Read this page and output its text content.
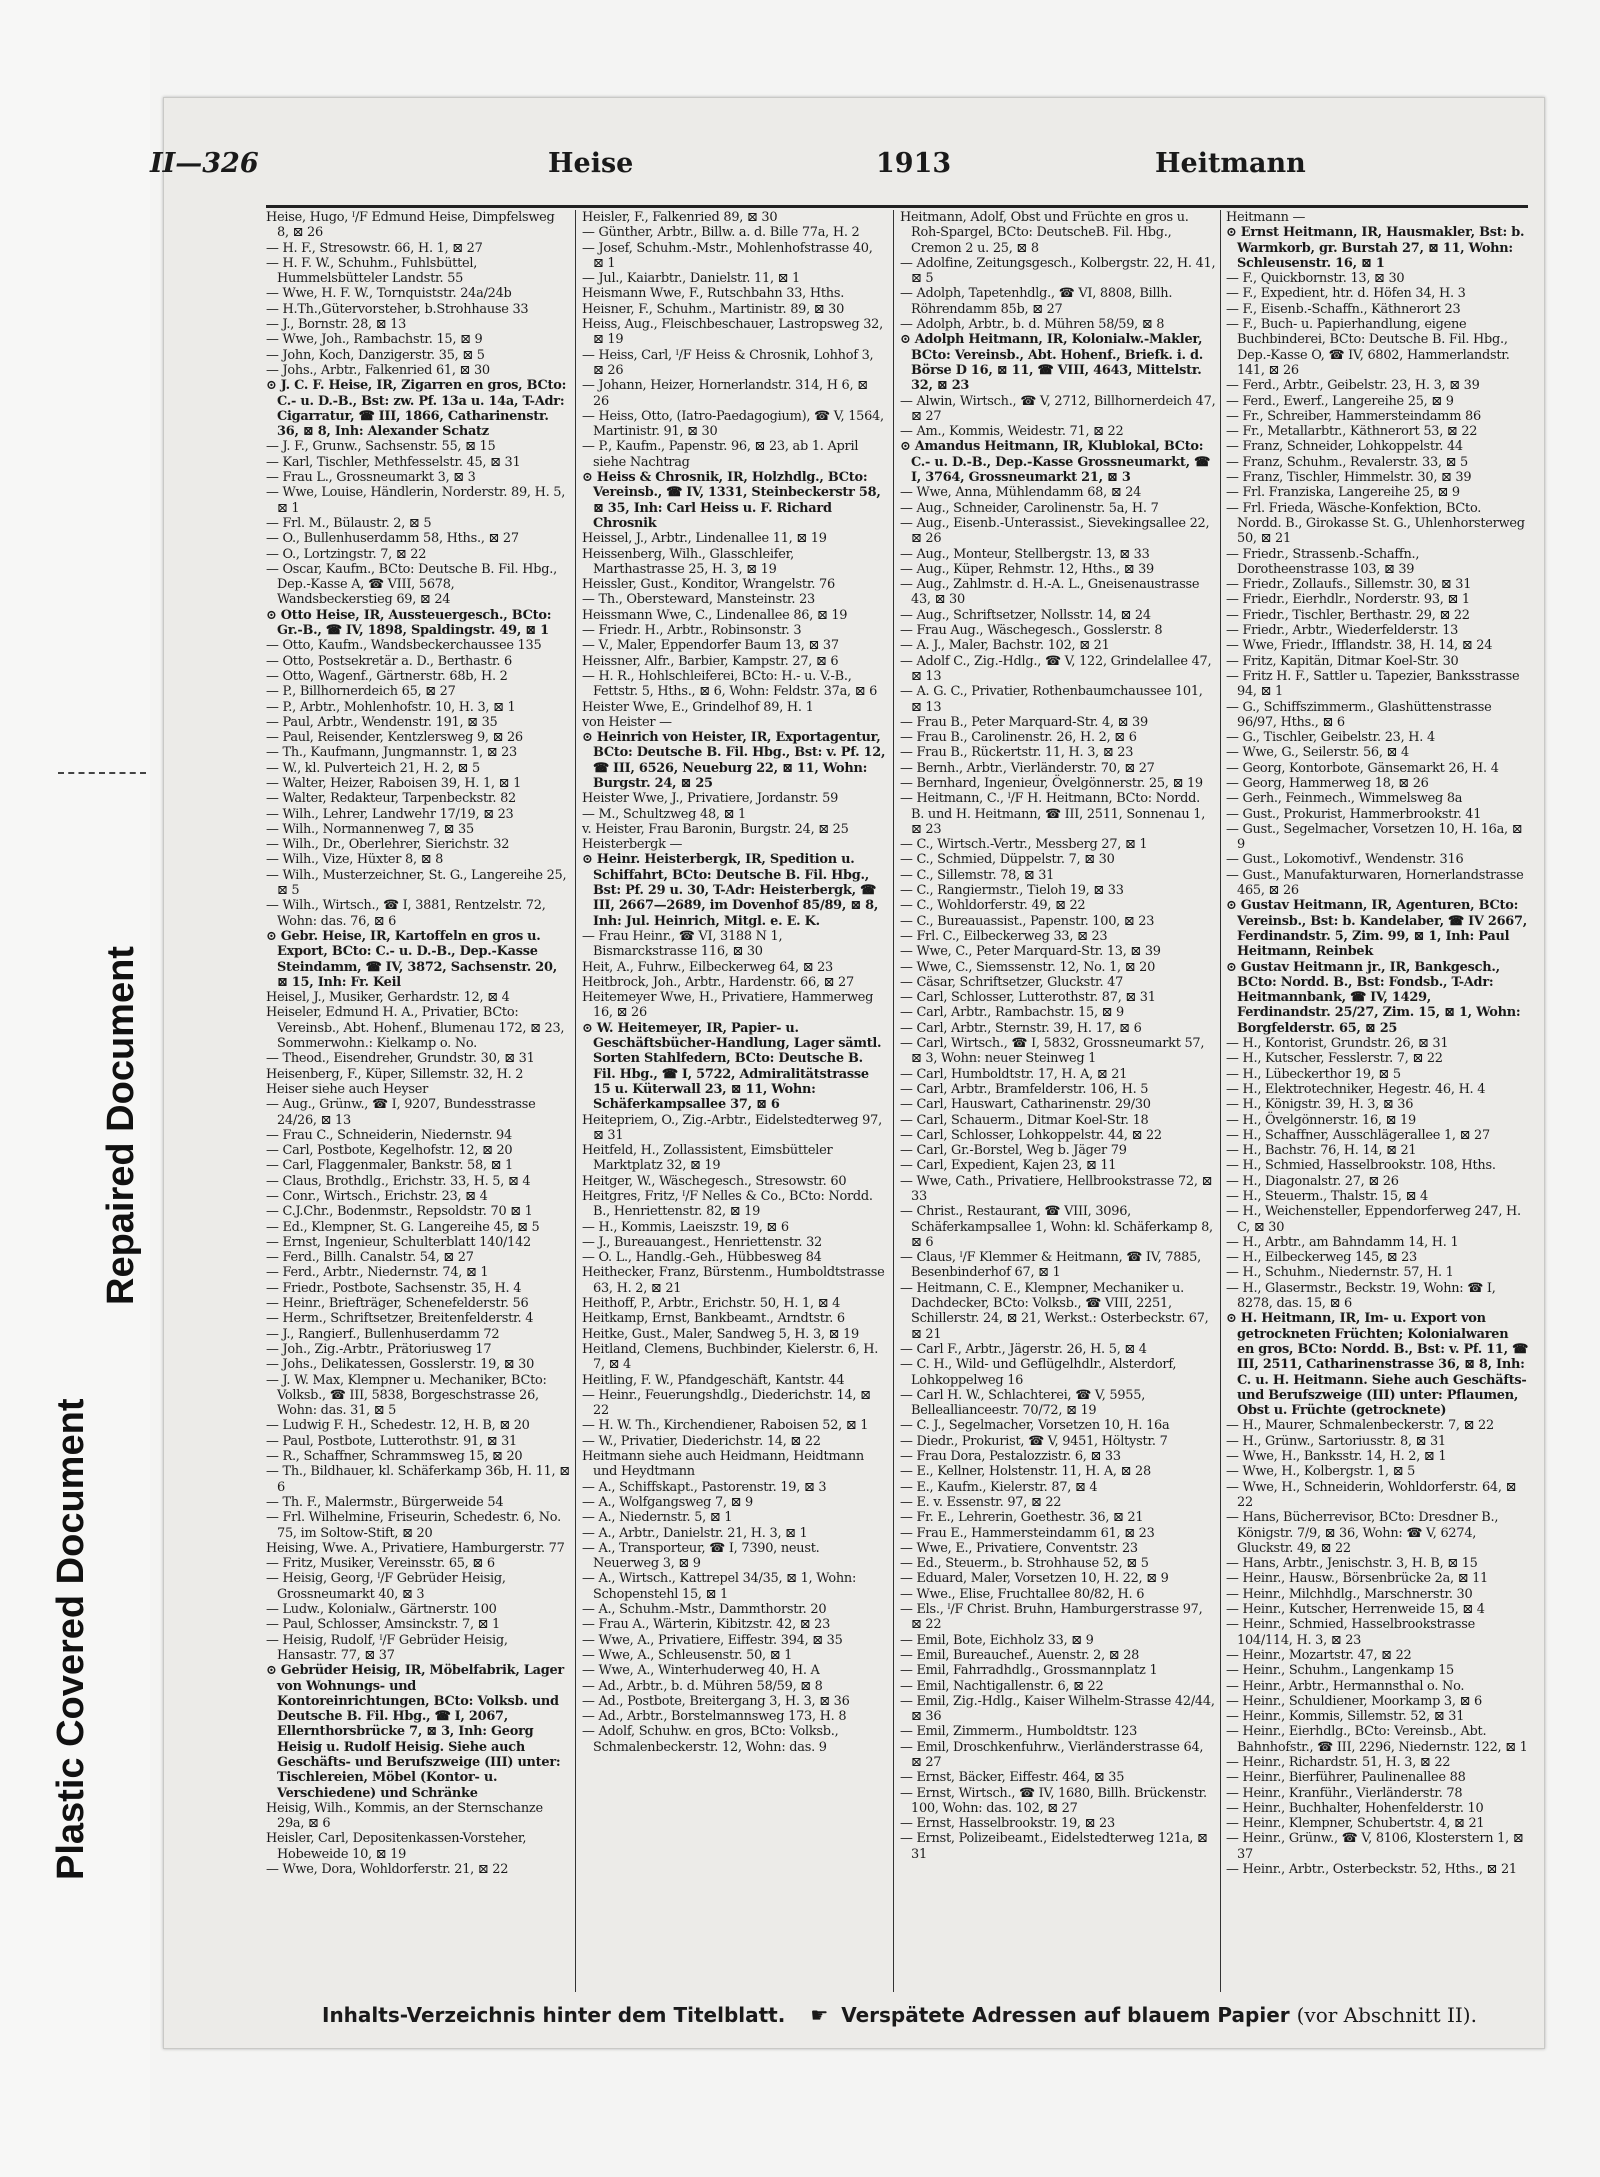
Plastic Covered Document
Repaired Document
II—326	Heise	1913	Heitmann

Heise, Hugo, ᴵ/F Edmund Heise, Dimpfelsweg 8, ⊠ 26

— H. F., Stresowstr. 66, H. 1, ⊠ 27

— H. F. W., Schuhm., Fuhlsbüttel, Hummelsbütteler Landstr. 55

— Wwe, H. F. W., Tornquiststr. 24a/24b

— H.Th.,Gütervorsteher, b.Strohhause 33

— J., Bornstr. 28, ⊠ 13

— Wwe, Joh., Rambachstr. 15, ⊠ 9

— John, Koch, Danzigerstr. 35, ⊠ 5

— Johs., Arbtr., Falkenried 61, ⊠ 30

⊙ J. C. F. Heise, IR, Zigarren en gros, BCto: C.- u. D.-B., Bst: zw. Pf. 13a u. 14a, T-Adr: Cigarratur, ☎ III, 1866, Catharinenstr. 36, ⊠ 8, Inh: Alexander Schatz

— J. F., Grunw., Sachsenstr. 55, ⊠ 15

— Karl, Tischler, Methfesselstr. 45, ⊠ 31

— Frau L., Grossneumarkt 3, ⊠ 3

— Wwe, Louise, Händlerin, Norderstr. 89, H. 5, ⊠ 1

— Frl. M., Bülaustr. 2, ⊠ 5

— O., Bullenhuserdamm 58, Hths., ⊠ 27

— O., Lortzingstr. 7, ⊠ 22

— Oscar, Kaufm., BCto: Deutsche B. Fil. Hbg., Dep.-Kasse A, ☎ VIII, 5678, Wandsbeckerstieg 69, ⊠ 24

⊙ Otto Heise, IR, Aussteuergesch., BCto: Gr.-B., ☎ IV, 1898, Spaldingstr. 49, ⊠ 1

— Otto, Kaufm., Wandsbeckerchaussee 135

— Otto, Postsekretär a. D., Berthastr. 6

— Otto, Wagenf., Gärtnerstr. 68b, H. 2

— P., Billhornerdeich 65, ⊠ 27

— P., Arbtr., Mohlenhofstr. 10, H. 3, ⊠ 1

— Paul, Arbtr., Wendenstr. 191, ⊠ 35

— Paul, Reisender, Kentzlersweg 9, ⊠ 26

— Th., Kaufmann, Jungmannstr. 1, ⊠ 23

— W., kl. Pulverteich 21, H. 2, ⊠ 5

— Walter, Heizer, Raboisen 39, H. 1, ⊠ 1

— Walter, Redakteur, Tarpenbeckstr. 82

— Wilh., Lehrer, Landwehr 17/19, ⊠ 23

— Wilh., Normannenweg 7, ⊠ 35

— Wilh., Dr., Oberlehrer, Sierichstr. 32

— Wilh., Vize, Hüxter 8, ⊠ 8

— Wilh., Musterzeichner, St. G., Langereihe 25, ⊠ 5

— Wilh., Wirtsch., ☎ I, 3881, Rentzelstr. 72, Wohn: das. 76, ⊠ 6

⊙ Gebr. Heise, IR, Kartoffeln en gros u. Export, BCto: C.- u. D.-B., Dep.-Kasse Steindamm, ☎ IV, 3872, Sachsenstr. 20, ⊠ 15, Inh: Fr. Keil

Heisel, J., Musiker, Gerhardstr. 12, ⊠ 4

Heiseler, Edmund H. A., Privatier, BCto: Vereinsb., Abt. Hohenf., Blumenau 172, ⊠ 23, Sommerwohn.: Kielkamp o. No.

— Theod., Eisendreher, Grundstr. 30, ⊠ 31

Heisenberg, F., Küper, Sillemstr. 32, H. 2

Heiser siehe auch Heyser

— Aug., Grünw., ☎ I, 9207, Bundesstrasse 24/26, ⊠ 13

— Frau C., Schneiderin, Niedernstr. 94

— Carl, Postbote, Kegelhofstr. 12, ⊠ 20

— Carl, Flaggenmaler, Bankstr. 58, ⊠ 1

— Claus, Brothdlg., Erichstr. 33, H. 5, ⊠ 4

— Conr., Wirtsch., Erichstr. 23, ⊠ 4

— C.J.Chr., Bodenmstr., Repsoldstr. 70 ⊠ 1

— Ed., Klempner, St. G. Langereihe 45, ⊠ 5

— Ernst, Ingenieur, Schulterblatt 140/142

— Ferd., Billh. Canalstr. 54, ⊠ 27

— Ferd., Arbtr., Niedernstr. 74, ⊠ 1

— Friedr., Postbote, Sachsenstr. 35, H. 4

— Heinr., Briefträger, Schenefelderstr. 56

— Herm., Schriftsetzer, Breitenfelderstr. 4

— J., Rangierf., Bullenhuserdamm 72

— Joh., Zig.-Arbtr., Prätoriusweg 17

— Johs., Delikatessen, Gosslerstr. 19, ⊠ 30

— J. W. Max, Klempner u. Mechaniker, BCto: Volksb., ☎ III, 5838, Borgeschstrasse 26, Wohn: das. 31, ⊠ 5

— Ludwig F. H., Schedestr. 12, H. B, ⊠ 20

— Paul, Postbote, Lutterothstr. 91, ⊠ 31

— R., Schaffner, Schrammsweg 15, ⊠ 20

— Th., Bildhauer, kl. Schäferkamp 36b, H. 11, ⊠ 6

— Th. F., Malermstr., Bürgerweide 54

— Frl. Wilhelmine, Friseurin, Schedestr. 6, No. 75, im Soltow-Stift, ⊠ 20

Heising, Wwe. A., Privatiere, Hamburgerstr. 77

— Fritz, Musiker, Vereinsstr. 65, ⊠ 6

— Heisig, Georg, ᴵ/F Gebrüder Heisig, Grossneumarkt 40, ⊠ 3

— Ludw., Kolonialw., Gärtnerstr. 100

— Paul, Schlosser, Amsinckstr. 7, ⊠ 1

— Heisig, Rudolf, ᴵ/F Gebrüder Heisig, Hansastr. 77, ⊠ 37

⊙ Gebrüder Heisig, IR, Möbelfabrik, Lager von Wohnungs- und Kontoreinrichtungen, BCto: Volksb. und Deutsche B. Fil. Hbg., ☎ I, 2067, Ellernthorsbrücke 7, ⊠ 3, Inh: Georg Heisig u. Rudolf Heisig. Siehe auch Geschäfts- und Berufszweige (III) unter: Tischlereien, Möbel (Kontor- u. Verschiedene) und Schränke

Heisig, Wilh., Kommis, an der Sternschanze 29a, ⊠ 6

Heisler, Carl, Depositenkassen-Vorsteher, Hobeweide 10, ⊠ 19

— Wwe, Dora, Wohldorferstr. 21, ⊠ 22

Heisler, F., Falkenried 89, ⊠ 30

— Günther, Arbtr., Billw. a. d. Bille 77a, H. 2

— Josef, Schuhm.-Mstr., Mohlenhofstrasse 40, ⊠ 1

— Jul., Kaiarbtr., Danielstr. 11, ⊠ 1

Heismann Wwe, F., Rutschbahn 33, Hths.

Heisner, F., Schuhm., Martinistr. 89, ⊠ 30

Heiss, Aug., Fleischbeschauer, Lastropsweg 32, ⊠ 19

— Heiss, Carl, ᴵ/F Heiss & Chrosnik, Lohhof 3, ⊠ 26

— Johann, Heizer, Hornerlandstr. 314, H 6, ⊠ 26

— Heiss, Otto, (Iatro-Paedagogium), ☎ V, 1564, Martinistr. 91, ⊠ 30

— P., Kaufm., Papenstr. 96, ⊠ 23, ab 1. April siehe Nachtrag

⊙ Heiss & Chrosnik, IR, Holzhdlg., BCto: Vereinsb., ☎ IV, 1331, Steinbeckerstr 58, ⊠ 35, Inh: Carl Heiss u. F. Richard Chrosnik

Heissel, J., Arbtr., Lindenallee 11, ⊠ 19

Heissenberg, Wilh., Glasschleifer, Marthastrasse 25, H. 3, ⊠ 19

Heissler, Gust., Konditor, Wrangelstr. 76

— Th., Obersteward, Mansteinstr. 23

Heissmann Wwe, C., Lindenallee 86, ⊠ 19

— Friedr. H., Arbtr., Robinsonstr. 3

— V., Maler, Eppendorfer Baum 13, ⊠ 37

Heissner, Alfr., Barbier, Kampstr. 27, ⊠ 6

— H. R., Hohlschleiferei, BCto: H.- u. V.-B., Fettstr. 5, Hths., ⊠ 6, Wohn: Feldstr. 37a, ⊠ 6

Heister Wwe, E., Grindelhof 89, H. 1

von Heister —

⊙ Heinrich von Heister, IR, Exportagentur, BCto: Deutsche B. Fil. Hbg., Bst: v. Pf. 12, ☎ III, 6526, Neueburg 22, ⊠ 11, Wohn: Burgstr. 24, ⊠ 25

Heister Wwe, J., Privatiere, Jordanstr. 59

— M., Schultzweg 48, ⊠ 1

v. Heister, Frau Baronin, Burgstr. 24, ⊠ 25

Heisterbergk —

⊙ Heinr. Heisterbergk, IR, Spedition u. Schiffahrt, BCto: Deutsche B. Fil. Hbg., Bst: Pf. 29 u. 30, T-Adr: Heisterbergk, ☎ III, 2667—2689, im Dovenhof 85/89, ⊠ 8, Inh: Jul. Heinrich, Mitgl. e. E. K.

— Frau Heinr., ☎ VI, 3188 N 1, Bismarckstrasse 116, ⊠ 30

Heit, A., Fuhrw., Eilbeckerweg 64, ⊠ 23

Heitbrock, Joh., Arbtr., Hardenstr. 66, ⊠ 27

Heitemeyer Wwe, H., Privatiere, Hammerweg 16, ⊠ 26

⊙ W. Heitemeyer, IR, Papier- u. Geschäftsbücher-Handlung, Lager sämtl. Sorten Stahlfedern, BCto: Deutsche B. Fil. Hbg., ☎ I, 5722, Admiralitätstrasse 15 u. Küterwall 23, ⊠ 11, Wohn: Schäferkampsallee 37, ⊠ 6

Heitepriem, O., Zig.-Arbtr., Eidelstedterweg 97, ⊠ 31

Heitfeld, H., Zollassistent, Eimsbütteler Marktplatz 32, ⊠ 19

Heitger, W., Wäschegesch., Stresowstr. 60

Heitgres, Fritz, ᴵ/F Nelles & Co., BCto: Nordd. B., Henriettenstr. 82, ⊠ 19

— H., Kommis, Laeiszstr. 19, ⊠ 6

— J., Bureauangest., Henriettenstr. 32

— O. L., Handlg.-Geh., Hübbesweg 84

Heithecker, Franz, Bürstenm., Humboldtstrasse 63, H. 2, ⊠ 21

Heithoff, P., Arbtr., Erichstr. 50, H. 1, ⊠ 4

Heitkamp, Ernst, Bankbeamt., Arndtstr. 6

Heitke, Gust., Maler, Sandweg 5, H. 3, ⊠ 19

Heitland, Clemens, Buchbinder, Kielerstr. 6, H. 7, ⊠ 4

Heitling, F. W., Pfandgeschäft, Kantstr. 44

— Heinr., Feuerungshdlg., Diederichstr. 14, ⊠ 22

— H. W. Th., Kirchendiener, Raboisen 52, ⊠ 1

— W., Privatier, Diederichstr. 14, ⊠ 22

Heitmann siehe auch Heidmann, Heidtmann und Heydtmann

— A., Schiffskapt., Pastorenstr. 19, ⊠ 3

— A., Wolfgangsweg 7, ⊠ 9

— A., Niedernstr. 5, ⊠ 1

— A., Arbtr., Danielstr. 21, H. 3, ⊠ 1

— A., Transporteur, ☎ I, 7390, neust. Neuerweg 3, ⊠ 9

— A., Wirtsch., Kattrepel 34/35, ⊠ 1, Wohn: Schopenstehl 15, ⊠ 1

— A., Schuhm.-Mstr., Dammthorstr. 20

— Frau A., Wärterin, Kibitzstr. 42, ⊠ 23

— Wwe, A., Privatiere, Eiffestr. 394, ⊠ 35

— Wwe, A., Schleusenstr. 50, ⊠ 1

— Wwe, A., Winterhuderweg 40, H. A

— Ad., Arbtr., b. d. Mühren 58/59, ⊠ 8

— Ad., Postbote, Breitergang 3, H. 3, ⊠ 36

— Ad., Arbtr., Borstelmannsweg 173, H. 8

— Adolf, Schuhw. en gros, BCto: Volksb., Schmalenbeckerstr. 12, Wohn: das. 9

Heitmann, Adolf, Obst und Früchte en gros u. Roh-Spargel, BCto: DeutscheB. Fil. Hbg., Cremon 2 u. 25, ⊠ 8

— Adolfine, Zeitungsgesch., Kolbergstr. 22, H. 41, ⊠ 5

— Adolph, Tapetenhdlg., ☎ VI, 8808, Billh. Röhrendamm 85b, ⊠ 27

— Adolph, Arbtr., b. d. Mühren 58/59, ⊠ 8

⊙ Adolph Heitmann, IR, Kolonialw.-Makler, BCto: Vereinsb., Abt. Hohenf., Briefk. i. d. Börse D 16, ⊠ 11, ☎ VIII, 4643, Mittelstr. 32, ⊠ 23

— Alwin, Wirtsch., ☎ V, 2712, Billhornerdeich 47, ⊠ 27

— Am., Kommis, Weidestr. 71, ⊠ 22

⊙ Amandus Heitmann, IR, Klublokal, BCto: C.- u. D.-B., Dep.-Kasse Grossneumarkt, ☎ I, 3764, Grossneumarkt 21, ⊠ 3

— Wwe, Anna, Mühlendamm 68, ⊠ 24

— Aug., Schneider, Carolinenstr. 5a, H. 7

— Aug., Eisenb.-Unterassist., Sievekingsallee 22, ⊠ 26

— Aug., Monteur, Stellbergstr. 13, ⊠ 33

— Aug., Küper, Rehmstr. 12, Hths., ⊠ 39

— Aug., Zahlmstr. d. H.-A. L., Gneisenaustrasse 43, ⊠ 30

— Aug., Schriftsetzer, Nollsstr. 14, ⊠ 24

— Frau Aug., Wäschegesch., Gosslerstr. 8

— A. J., Maler, Bachstr. 102, ⊠ 21

— Adolf C., Zig.-Hdlg., ☎ V, 122, Grindelallee 47, ⊠ 13

— A. G. C., Privatier, Rothenbaumchaussee 101, ⊠ 13

— Frau B., Peter Marquard-Str. 4, ⊠ 39

— Frau B., Carolinenstr. 26, H. 2, ⊠ 6

— Frau B., Rückertstr. 11, H. 3, ⊠ 23

— Bernh., Arbtr., Vierländerstr. 70, ⊠ 27

— Bernhard, Ingenieur, Övelgönnerstr. 25, ⊠ 19

— Heitmann, C., ᴵ/F H. Heitmann, BCto: Nordd. B. und H. Heitmann, ☎ III, 2511, Sonnenau 1, ⊠ 23

— C., Wirtsch.-Vertr., Messberg 27, ⊠ 1

— C., Schmied, Düppelstr. 7, ⊠ 30

— C., Sillemstr. 78, ⊠ 31

— C., Rangiermstr., Tieloh 19, ⊠ 33

— C., Wohldorferstr. 49, ⊠ 22

— C., Bureauassist., Papenstr. 100, ⊠ 23

— Frl. C., Eilbeckerweg 33, ⊠ 23

— Wwe, C., Peter Marquard-Str. 13, ⊠ 39

— Wwe, C., Siemssenstr. 12, No. 1, ⊠ 20

— Cäsar, Schriftsetzer, Gluckstr. 47

— Carl, Schlosser, Lutterothstr. 87, ⊠ 31

— Carl, Arbtr., Rambachstr. 15, ⊠ 9

— Carl, Arbtr., Sternstr. 39, H. 17, ⊠ 6

— Carl, Wirtsch., ☎ I, 5832, Grossneumarkt 57, ⊠ 3, Wohn: neuer Steinweg 1

— Carl, Humboldtstr. 17, H. A, ⊠ 21

— Carl, Arbtr., Bramfelderstr. 106, H. 5

— Carl, Hauswart, Catharinenstr. 29/30

— Carl, Schauerm., Ditmar Koel-Str. 18

— Carl, Schlosser, Lohkoppelstr. 44, ⊠ 22

— Carl, Gr.-Borstel, Weg b. Jäger 79

— Carl, Expedient, Kajen 23, ⊠ 11

— Wwe, Cath., Privatiere, Hellbrookstrasse 72, ⊠ 33

— Christ., Restaurant, ☎ VIII, 3096, Schäferkampsallee 1, Wohn: kl. Schäferkamp 8, ⊠ 6

— Claus, ᴵ/F Klemmer & Heitmann, ☎ IV, 7885, Besenbinderhof 67, ⊠ 1

— Heitmann, C. E., Klempner, Mechaniker u. Dachdecker, BCto: Volksb., ☎ VIII, 2251, Schillerstr. 24, ⊠ 21, Werkst.: Osterbeckstr. 67, ⊠ 21

— Carl F., Arbtr., Jägerstr. 26, H. 5, ⊠ 4

— C. H., Wild- und Geflügelhdlr., Alsterdorf, Lohkoppelweg 16

— Carl H. W., Schlachterei, ☎ V, 5955, Belleallianceestr. 70/72, ⊠ 19

— C. J., Segelmacher, Vorsetzen 10, H. 16a

— Diedr., Prokurist, ☎ V, 9451, Höltystr. 7

— Frau Dora, Pestalozzistr. 6, ⊠ 33

— E., Kellner, Holstenstr. 11, H. A, ⊠ 28

— E., Kaufm., Kielerstr. 87, ⊠ 4

— E. v. Essenstr. 97, ⊠ 22

— Fr. E., Lehrerin, Goethestr. 36, ⊠ 21

— Frau E., Hammersteindamm 61, ⊠ 23

— Wwe, E., Privatiere, Conventstr. 23

— Ed., Steuerm., b. Strohhause 52, ⊠ 5

— Eduard, Maler, Vorsetzen 10, H. 22, ⊠ 9

— Wwe., Elise, Fruchtallee 80/82, H. 6

— Els., ᴵ/F Christ. Bruhn, Hamburgerstrasse 97, ⊠ 22

— Emil, Bote, Eichholz 33, ⊠ 9

— Emil, Bureauchef., Auenstr. 2, ⊠ 28

— Emil, Fahrradhdlg., Grossmannplatz 1

— Emil, Nachtigallenstr. 6, ⊠ 22

— Emil, Zig.-Hdlg., Kaiser Wilhelm-Strasse 42/44, ⊠ 36

— Emil, Zimmerm., Humboldtstr. 123

— Emil, Droschkenfuhrw., Vierländerstrasse 64, ⊠ 27

— Ernst, Bäcker, Eiffestr. 464, ⊠ 35

— Ernst, Wirtsch., ☎ IV, 1680, Billh. Brückenstr. 100, Wohn: das. 102, ⊠ 27

— Ernst, Hasselbrookstr. 19, ⊠ 23

— Ernst, Polizeibeamt., Eidelstedterweg 121a, ⊠ 31

Heitmann —

⊙ Ernst Heitmann, IR, Hausmakler, Bst: b. Warmkorb, gr. Burstah 27, ⊠ 11, Wohn: Schleusenstr. 16, ⊠ 1

— F., Quickbornstr. 13, ⊠ 30

— F., Expedient, htr. d. Höfen 34, H. 3

— F., Eisenb.-Schaffn., Käthnerort 23

— F., Buch- u. Papierhandlung, eigene Buchbinderei, BCto: Deutsche B. Fil. Hbg., Dep.-Kasse O, ☎ IV, 6802, Hammerlandstr. 141, ⊠ 26

— Ferd., Arbtr., Geibelstr. 23, H. 3, ⊠ 39

— Ferd., Ewerf., Langereihe 25, ⊠ 9

— Fr., Schreiber, Hammersteindamm 86

— Fr., Metallarbtr., Käthnerort 53, ⊠ 22

— Franz, Schneider, Lohkoppelstr. 44

— Franz, Schuhm., Revalerstr. 33, ⊠ 5

— Franz, Tischler, Himmelstr. 30, ⊠ 39

— Frl. Franziska, Langereihe 25, ⊠ 9

— Frl. Frieda, Wäsche-Konfektion, BCto. Nordd. B., Girokasse St. G., Uhlenhorsterweg 50, ⊠ 21

— Friedr., Strassenb.-Schaffn., Dorotheenstrasse 103, ⊠ 39

— Friedr., Zollaufs., Sillemstr. 30, ⊠ 31

— Friedr., Eierhdlr., Norderstr. 93, ⊠ 1

— Friedr., Tischler, Berthastr. 29, ⊠ 22

— Friedr., Arbtr., Wiederfelderstr. 13

— Wwe, Friedr., Ifflandstr. 38, H. 14, ⊠ 24

— Fritz, Kapitän, Ditmar Koel-Str. 30

— Fritz H. F., Sattler u. Tapezier, Banksstrasse 94, ⊠ 1

— G., Schiffszimmerm., Glashüttenstrasse 96/97, Hths., ⊠ 6

— G., Tischler, Geibelstr. 23, H. 4

— Wwe, G., Seilerstr. 56, ⊠ 4

— Georg, Kontorbote, Gänsemarkt 26, H. 4

— Georg, Hammerweg 18, ⊠ 26

— Gerh., Feinmech., Wimmelsweg 8a

— Gust., Prokurist, Hammerbrookstr. 41

— Gust., Segelmacher, Vorsetzen 10, H. 16a, ⊠ 9

— Gust., Lokomotivf., Wendenstr. 316

— Gust., Manufakturwaren, Hornerlandstrasse 465, ⊠ 26

⊙ Gustav Heitmann, IR, Agenturen, BCto: Vereinsb., Bst: b. Kandelaber, ☎ IV 2667, Ferdinandstr. 5, Zim. 99, ⊠ 1, Inh: Paul Heitmann, Reinbek

⊙ Gustav Heitmann jr., IR, Bankgesch., BCto: Nordd. B., Bst: Fondsb., T-Adr: Heitmannbank, ☎ IV, 1429, Ferdinandstr. 25/27, Zim. 15, ⊠ 1, Wohn: Borgfelderstr. 65, ⊠ 25

— H., Kontorist, Grundstr. 26, ⊠ 31

— H., Kutscher, Fesslerstr. 7, ⊠ 22

— H., Lübeckerthor 19, ⊠ 5

— H., Elektrotechniker, Hegestr. 46, H. 4

— H., Königstr. 39, H. 3, ⊠ 36

— H., Övelgönnerstr. 16, ⊠ 19

— H., Schaffner, Ausschlägerallee 1, ⊠ 27

— H., Bachstr. 76, H. 14, ⊠ 21

— H., Schmied, Hasselbrookstr. 108, Hths.

— H., Diagonalstr. 27, ⊠ 26

— H., Steuerm., Thalstr. 15, ⊠ 4

— H., Weichensteller, Eppendorferweg 247, H. C, ⊠ 30

— H., Arbtr., am Bahndamm 14, H. 1

— H., Eilbeckerweg 145, ⊠ 23

— H., Schuhm., Niedernstr. 57, H. 1

— H., Glasermstr., Beckstr. 19, Wohn: ☎ I, 8278, das. 15, ⊠ 6

⊙ H. Heitmann, IR, Im- u. Export von getrockneten Früchten; Kolonialwaren en gros, BCto: Nordd. B., Bst: v. Pf. 11, ☎ III, 2511, Catharinenstrasse 36, ⊠ 8, Inh: C. u. H. Heitmann. Siehe auch Geschäfts- und Berufszweige (III) unter: Pflaumen, Obst u. Früchte (getrocknete)

— H., Maurer, Schmalenbeckerstr. 7, ⊠ 22

— H., Grünw., Sartoriusstr. 8, ⊠ 31

— Wwe, H., Banksstr. 14, H. 2, ⊠ 1

— Wwe, H., Kolbergstr. 1, ⊠ 5

— Wwe, H., Schneiderin, Wohldorferstr. 64, ⊠ 22

— Hans, Bücherrevisor, BCto: Dresdner B., Königstr. 7/9, ⊠ 36, Wohn: ☎ V, 6274, Gluckstr. 49, ⊠ 22

— Hans, Arbtr., Jenischstr. 3, H. B, ⊠ 15

— Heinr., Hausw., Börsenbrücke 2a, ⊠ 11

— Heinr., Milchhdlg., Marschnerstr. 30

— Heinr., Kutscher, Herrenweide 15, ⊠ 4

— Heinr., Schmied, Hasselbrookstrasse 104/114, H. 3, ⊠ 23

— Heinr., Mozartstr. 47, ⊠ 22

— Heinr., Schuhm., Langenkamp 15

— Heinr., Arbtr., Hermannsthal o. No.

— Heinr., Schuldiener, Moorkamp 3, ⊠ 6

— Heinr., Kommis, Sillemstr. 52, ⊠ 31

— Heinr., Eierhdlg., BCto: Vereinsb., Abt. Bahnhofstr., ☎ III, 2296, Niedernstr. 122, ⊠ 1

— Heinr., Richardstr. 51, H. 3, ⊠ 22

— Heinr., Bierführer, Paulinenallee 88

— Heinr., Kranführ., Vierländerstr. 78

— Heinr., Buchhalter, Hohenfelderstr. 10

— Heinr., Klempner, Schubertstr. 4, ⊠ 21

— Heinr., Grünw., ☎ V, 8106, Klosterstern 1, ⊠ 37

— Heinr., Arbtr., Osterbeckstr. 52, Hths., ⊠ 21

Inhalts-Verzeichnis hinter dem Titelblatt. ☛ Verspätete Adressen auf blauem Papier (vor Abschnitt II).
